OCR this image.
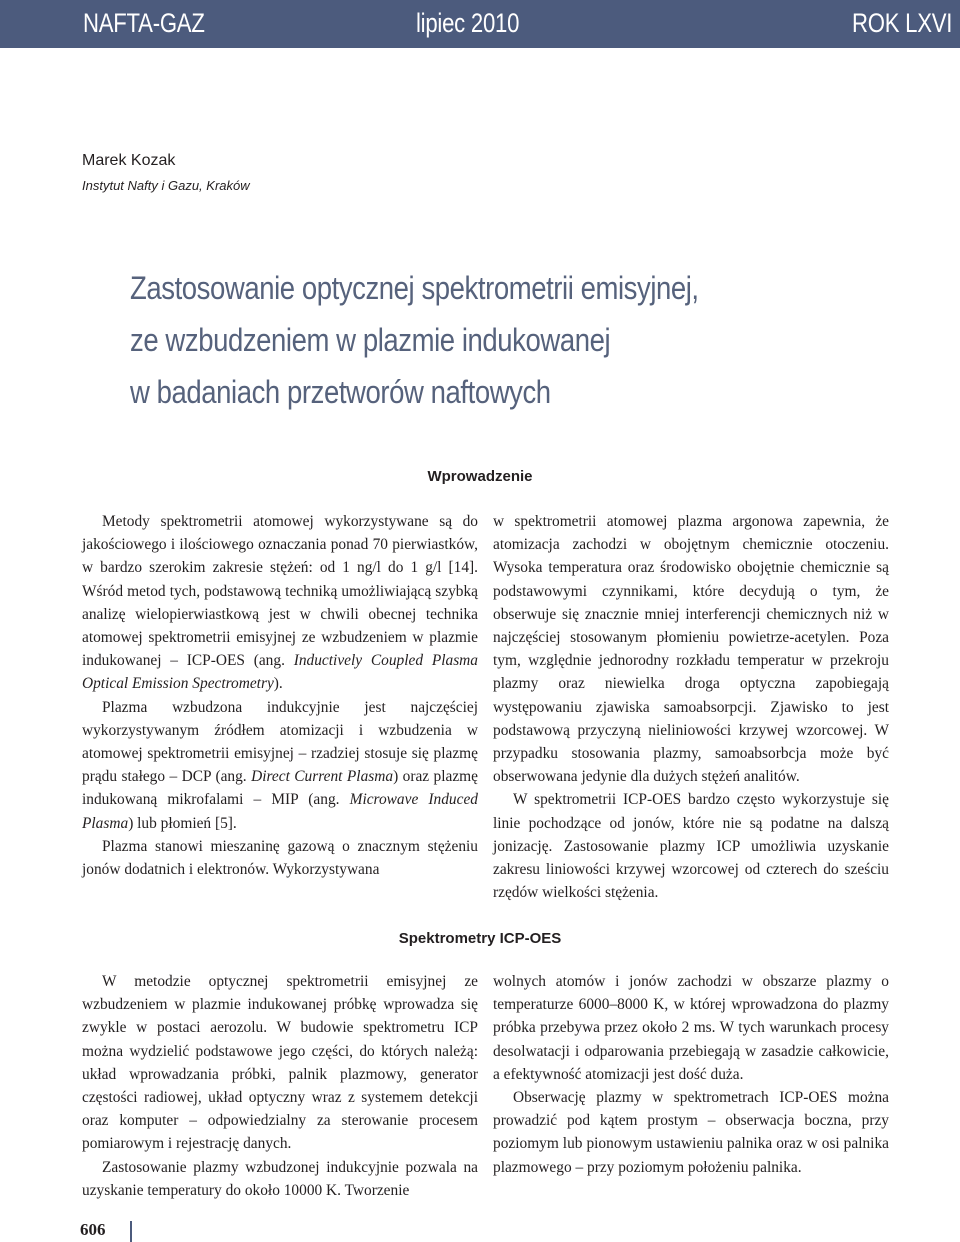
NAFTA-GAZ	lipiec 2010	ROK LXVI
Marek Kozak
Instytut Nafty i Gazu, Kraków
Zastosowanie optycznej spektrometrii emisyjnej,
ze wzbudzeniem w plazmie indukowanej
w badaniach przetworów naftowych
Wprowadzenie

Metody spektrometrii atomowej wykorzystywane są do jakościowego i ilościowego oznaczania ponad 70 pierwiastków, w bardzo szerokim zakresie stężeń: od 1 ng/l do 1 g/l [14]. Wśród metod tych, podstawową techniką umożliwiającą szybką analizę wielopierwiastkową jest w chwili obecnej technika atomowej spektrometrii emisyjnej ze wzbudzeniem w plazmie indukowanej – ICP-OES (ang. Inductively Coupled Plasma Optical Emission Spectrometry).

Plazma wzbudzona indukcyjnie jest najczęściej wykorzystywanym źródłem atomizacji i wzbudzenia w atomowej spektrometrii emisyjnej – rzadziej stosuje się plazmę prądu stałego – DCP (ang. Direct Current Plasma) oraz plazmę indukowaną mikrofalami – MIP (ang. Microwave Induced Plasma) lub płomień [5].

Plazma stanowi mieszaninę gazową o znacznym stężeniu jonów dodatnich i elektronów. Wykorzystywana

w spektrometrii atomowej plazma argonowa zapewnia, że atomizacja zachodzi w obojętnym chemicznie otoczeniu. Wysoka temperatura oraz środowisko obojętnie chemicznie są podstawowymi czynnikami, które decydują o tym, że obserwuje się znacznie mniej interferencji chemicznych niż w najczęściej stosowanym płomieniu powietrze-acetylen. Poza tym, względnie jednorodny rozkładu temperatur w przekroju plazmy oraz niewielka droga optyczna zapobiegają występowaniu zjawiska samoabsorpcji. Zjawisko to jest podstawową przyczyną nieliniowości krzywej wzorcowej. W przypadku stosowania plazmy, samoabsorbcja może być obserwowana jedynie dla dużych stężeń analitów.

W spektrometrii ICP-OES bardzo często wykorzystuje się linie pochodzące od jonów, które nie są podatne na dalszą jonizację. Zastosowanie plazmy ICP umożliwia uzyskanie zakresu liniowości krzywej wzorcowej od czterech do sześciu rzędów wielkości stężenia.

Spektrometry ICP-OES

W metodzie optycznej spektrometrii emisyjnej ze wzbudzeniem w plazmie indukowanej próbkę wprowadza się zwykle w postaci aerozolu. W budowie spektrometru ICP można wydzielić podstawowe jego części, do których należą: układ wprowadzania próbki, palnik plazmowy, generator częstości radiowej, układ optyczny wraz z systemem detekcji oraz komputer – odpowiedzialny za sterowanie procesem pomiarowym i rejestrację danych.

Zastosowanie plazmy wzbudzonej indukcyjnie pozwala na uzyskanie temperatury do około 10000 K. Tworzenie

wolnych atomów i jonów zachodzi w obszarze plazmy o temperaturze 6000–8000 K, w której wprowadzona do plazmy próbka przebywa przez około 2 ms. W tych warunkach procesy desolwatacji i odparowania przebiegają w zasadzie całkowicie, a efektywność atomizacji jest dość duża.

Obserwację plazmy w spektrometrach ICP-OES można prowadzić pod kątem prostym – obserwacja boczna, przy poziomym lub pionowym ustawieniu palnika oraz w osi palnika plazmowego – przy poziomym położeniu palnika.

606
